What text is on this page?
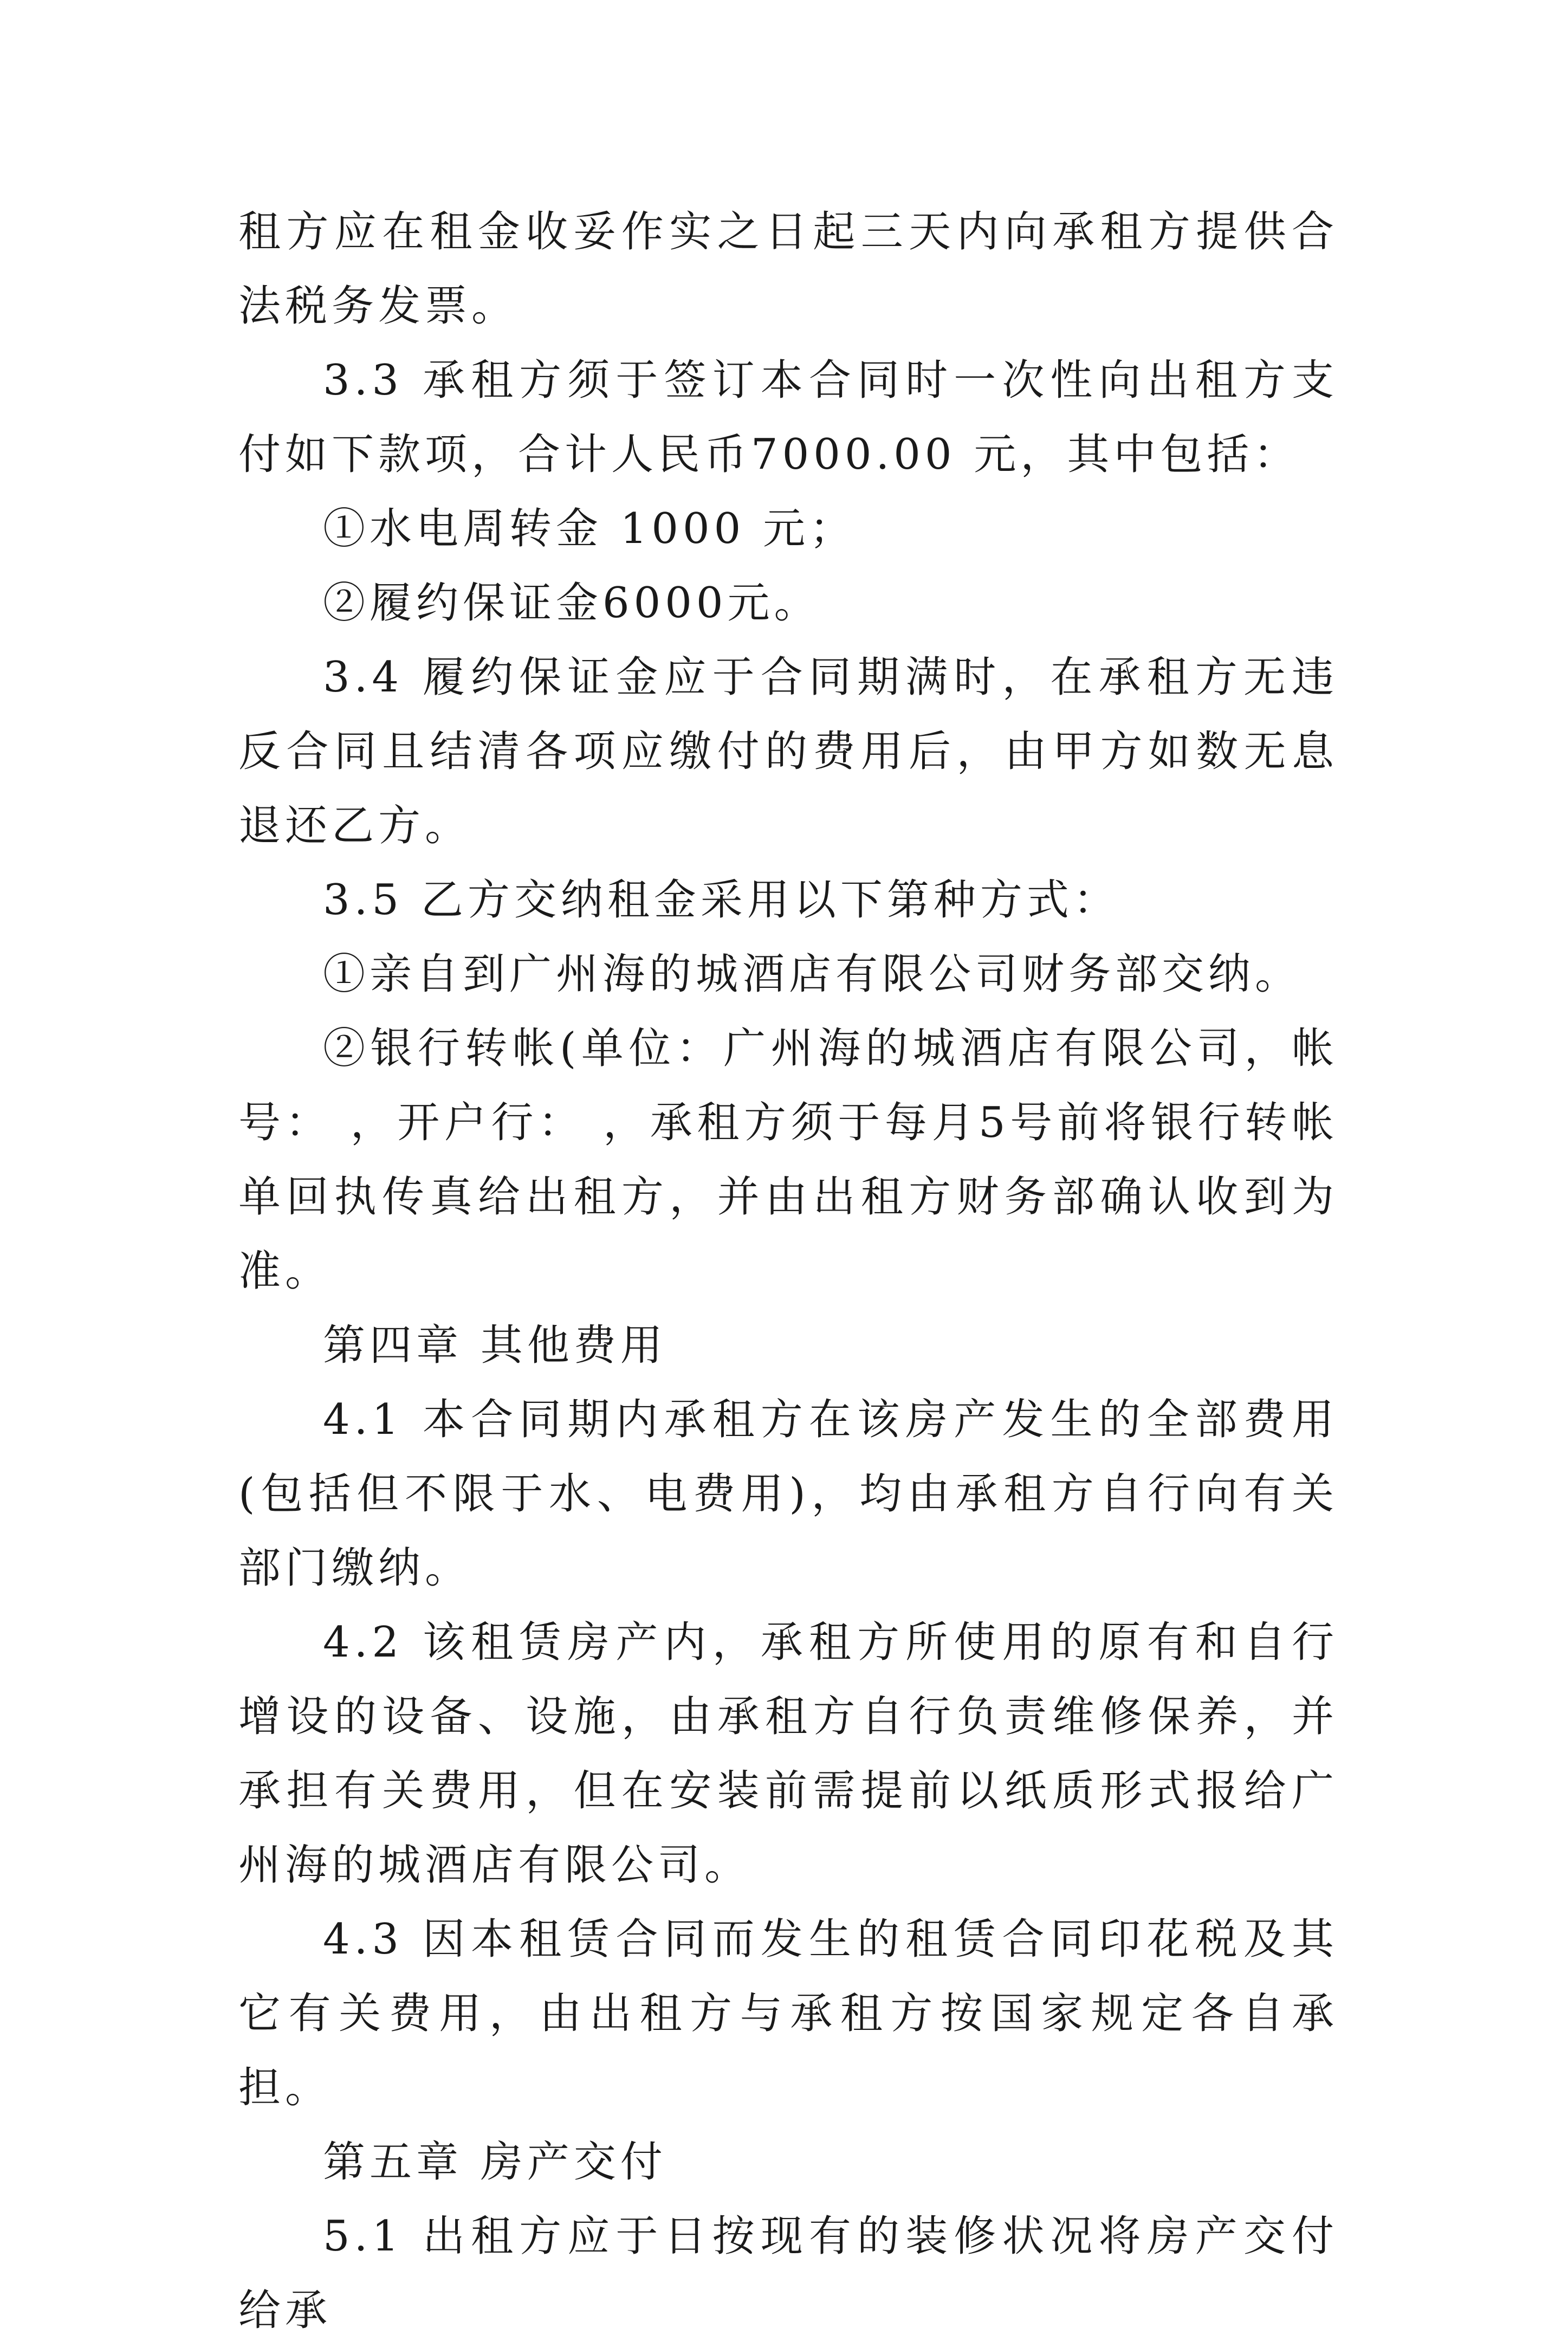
租方应在租金收妥作实之日起三天内向承租方提供合法税务发票。

3.3 承租方须于签订本合同时一次性向出租方支付如下款项，合计人民币7000.00 元，其中包括：

①水电周转金 1000 元；

②履约保证金6000元。

3.4 履约保证金应于合同期满时，在承租方无违反合同且结清各项应缴付的费用后，由甲方如数无息退还乙方。

3.5 乙方交纳租金采用以下第种方式：

①亲自到广州海的城酒店有限公司财务部交纳。

②银行转帐(单位：广州海的城酒店有限公司，帐号： ，开户行： ，承租方须于每月5号前将银行转帐单回执传真给出租方，并由出租方财务部确认收到为准。

第四章 其他费用

4.1 本合同期内承租方在该房产发生的全部费用(包括但不限于水、电费用)，均由承租方自行向有关部门缴纳。

4.2 该租赁房产内，承租方所使用的原有和自行增设的设备、设施，由承租方自行负责维修保养，并承担有关费用，但在安装前需提前以纸质形式报给广州海的城酒店有限公司。

4.3 因本租赁合同而发生的租赁合同印花税及其它有关费用，由出租方与承租方按国家规定各自承担。

第五章 房产交付

5.1 出租方应于日按现有的装修状况将房产交付给承
